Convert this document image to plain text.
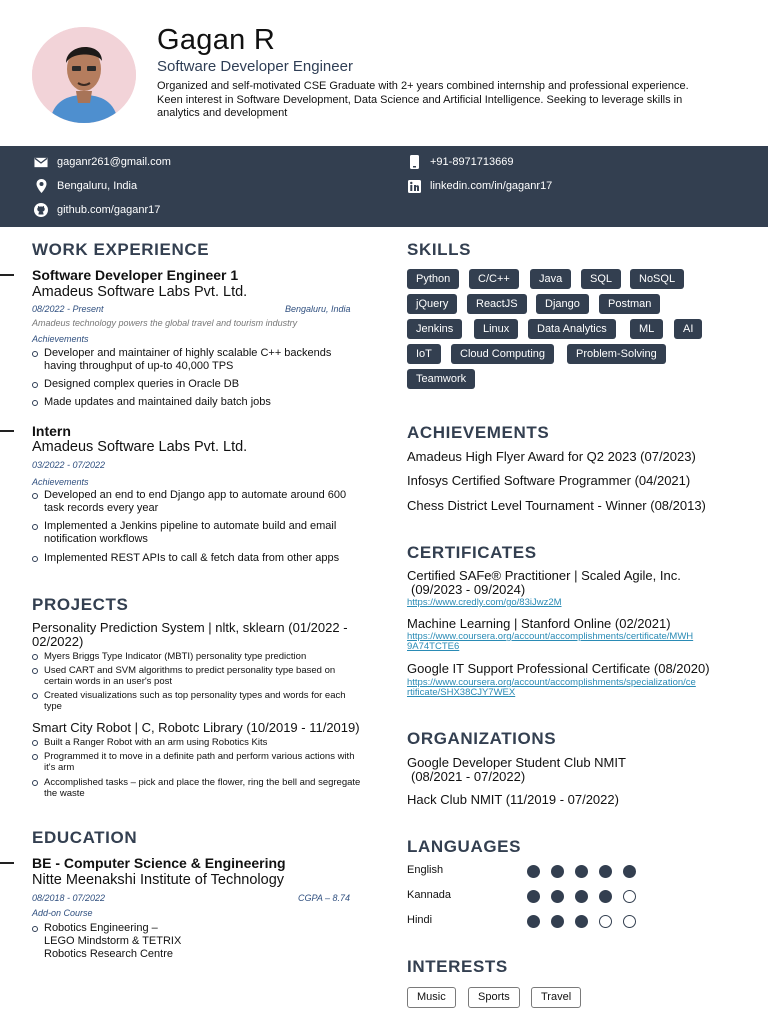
Gagan R
Software Developer Engineer
Organized and self-motivated CSE Graduate with 2+ years combined internship and professional experience. Keen interest in Software Development, Data Science and Artificial Intelligence. Seeking to leverage skills in analytics and development
gaganr261@gmail.com	+91-8971713669
Bengaluru, India	linkedin.com/in/gaganr17
github.com/gaganr17
WORK EXPERIENCE
Software Developer Engineer 1
Amadeus Software Labs Pvt. Ltd.
08/2022 - Present	Bengaluru, India
Amadeus technology powers the global travel and tourism industry
Achievements
Developer and maintainer of highly scalable C++ backends having throughput of up-to 40,000 TPS
Designed complex queries in Oracle DB
Made updates and maintained daily batch jobs
Intern
Amadeus Software Labs Pvt. Ltd.
03/2022 - 07/2022
Achievements
Developed an end to end Django app to automate around 600 task records every year
Implemented a Jenkins pipeline to automate build and email notification workflows
Implemented REST APIs to call & fetch data from other apps
PROJECTS
Personality Prediction System | nltk, sklearn (01/2022 - 02/2022)
Myers Briggs Type Indicator (MBTI) personality type prediction
Used CART and SVM algorithms to predict personality type based on certain words in an user's post
Created visualizations such as top personality types and words for each type
Smart City Robot | C, Robotc Library (10/2019 - 11/2019)
Built a Ranger Robot with an arm using Robotics Kits
Programmed it to move in a definite path and perform various actions with it's arm
Accomplished tasks – pick and place the flower, ring the bell and segregate the waste
EDUCATION
BE - Computer Science & Engineering
Nitte Meenakshi Institute of Technology
08/2018 - 07/2022	CGPA – 8.74
Add-on Course
Robotics Engineering –
LEGO Mindstorm & TETRIX
Robotics Research Centre
SKILLS
Python	C/C++	Java	SQL	NoSQL
jQuery	ReactJS	Django	Postman
Jenkins	Linux	Data Analytics	ML	AI
IoT	Cloud Computing	Problem-Solving
Teamwork
ACHIEVEMENTS
Amadeus High Flyer Award for Q2 2023 (07/2023)
Infosys Certified Software Programmer (04/2021)
Chess District Level Tournament - Winner (08/2013)
CERTIFICATES
Certified SAFe® Practitioner | Scaled Agile, Inc.
(09/2023 - 09/2024)
https://www.credly.com/go/83iJwz2M
Machine Learning | Stanford Online (02/2021)
https://www.coursera.org/account/accomplishments/certificate/MWH
9A74TCTE6
Google IT Support Professional Certificate (08/2020)
https://www.coursera.org/account/accomplishments/specialization/ce
rtificate/SHX38CJY7WEX
ORGANIZATIONS
Google Developer Student Club NMIT
(08/2021 - 07/2022)
Hack Club NMIT (11/2019 - 07/2022)
LANGUAGES
English
Kannada
Hindi
INTERESTS
Music	Sports	Travel
